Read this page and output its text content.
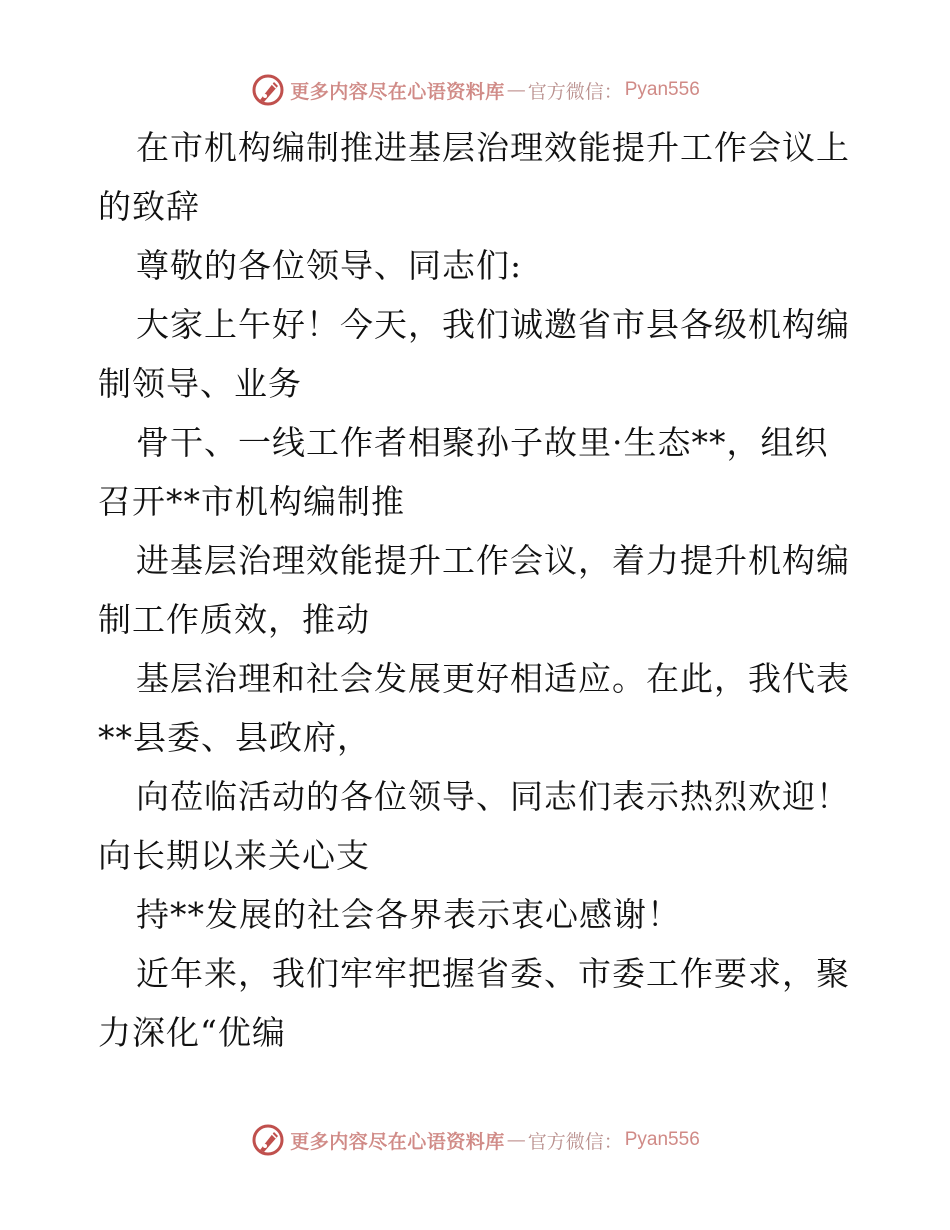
更多内容尽在心语资料库 — 官方微信： Pyan556

在市机构编制推进基层治理效能提升工作会议上的致辞

尊敬的各位领导、同志们:

大家上午好！今天，我们诚邀省市县各级机构编制领导、业务

骨干、一线工作者相聚孙子故里·生态**，组织召开**市机构编制推

进基层治理效能提升工作会议，着力提升机构编制工作质效，推动

基层治理和社会发展更好相适应。在此，我代表**县委、县政府，

向莅临活动的各位领导、同志们表示热烈欢迎！向长期以来关心支

持**发展的社会各界表示衷心感谢！

近年来，我们牢牢把握省委、市委工作要求，聚力深化“优编

更多内容尽在心语资料库 — 官方微信： Pyan556
